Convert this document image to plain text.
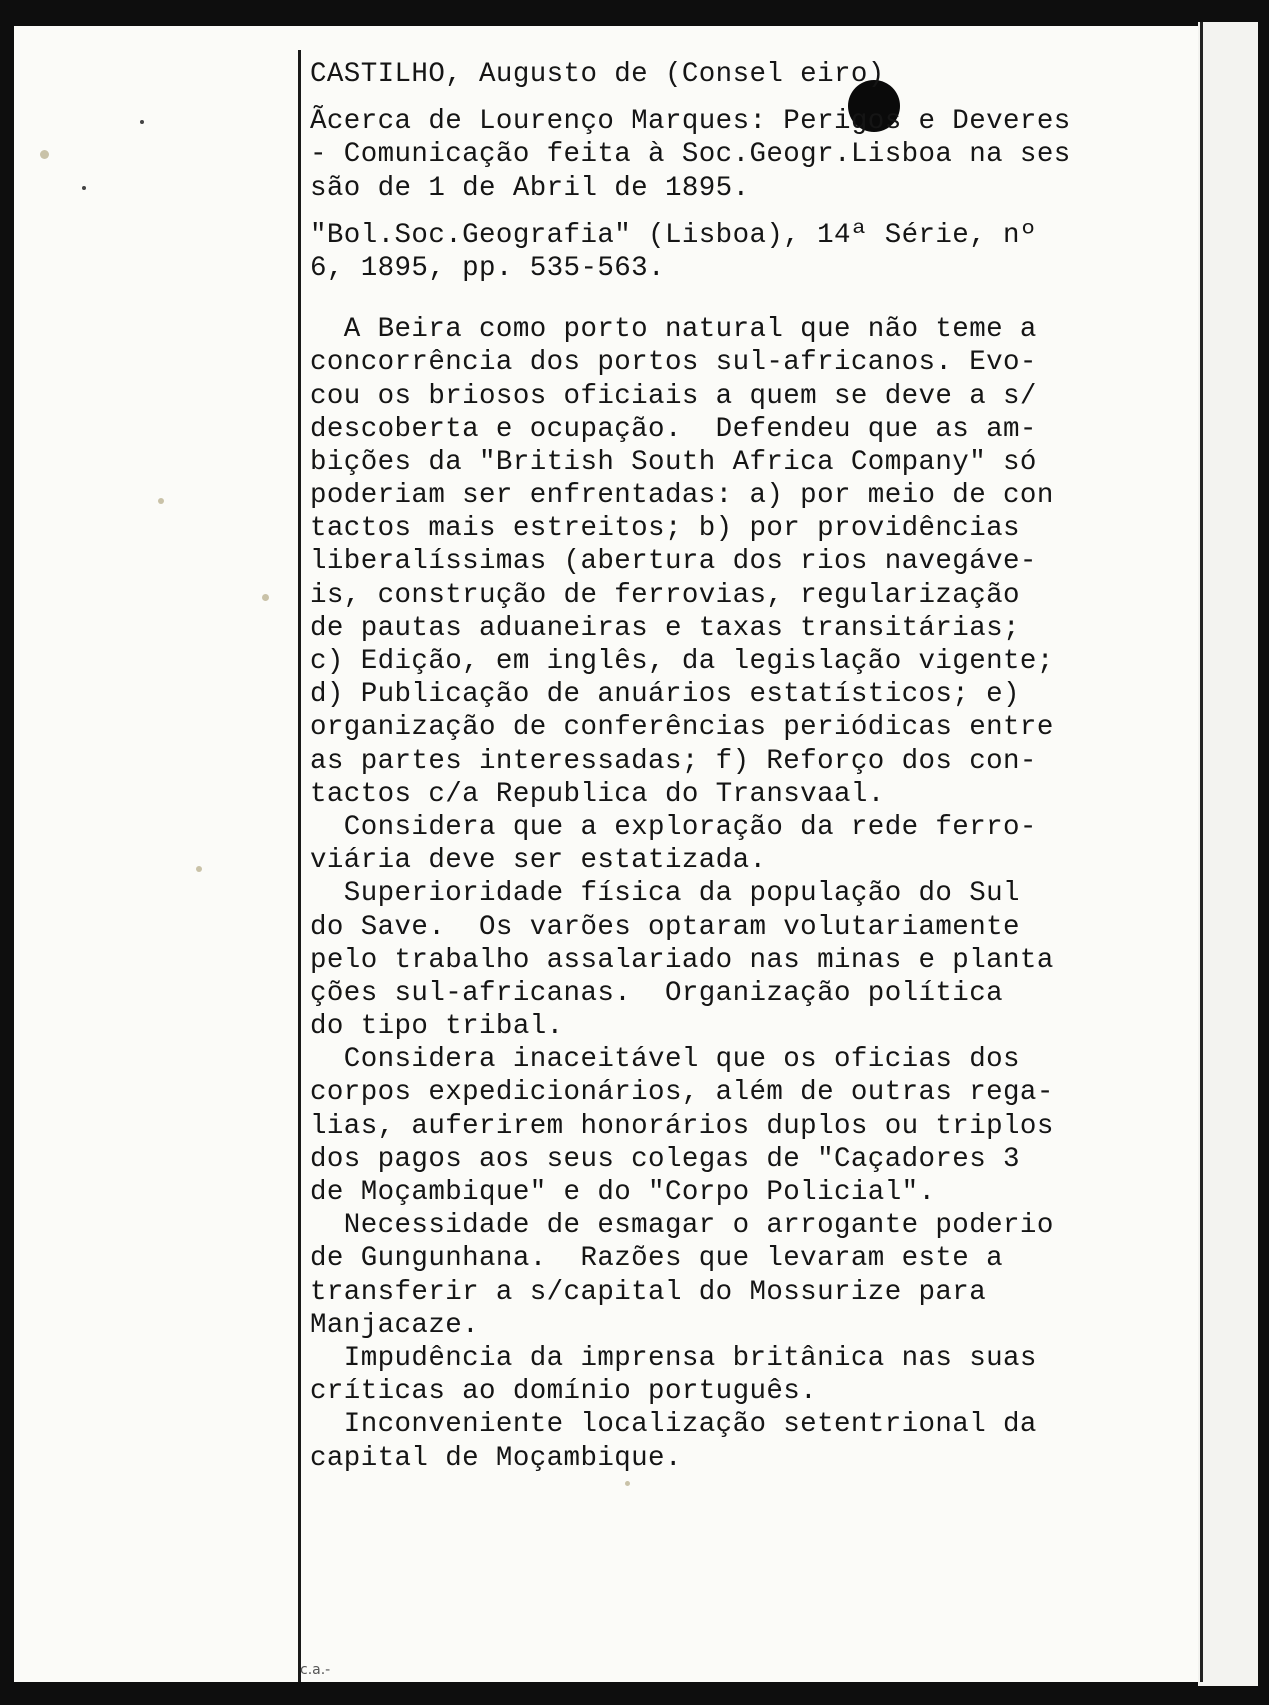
CASTILHO, Augusto de (Consel eiro)
Ãcerca de Lourenço Marques: Perigos e Deveres
- Comunicação feita à Soc.Geogr.Lisboa na ses
são de 1 de Abril de 1895.
"Bol.Soc.Geografia" (Lisboa), 14ª Série, nº
6, 1895, pp. 535-563.
A Beira como porto natural que não teme a
concorrência dos portos sul-africanos. Evo-
cou os briosos oficiais a quem se deve a s/
descoberta e ocupação.  Defendeu que as am-
bições da "British South Africa Company" só
poderiam ser enfrentadas: a) por meio de con
tactos mais estreitos; b) por providências
liberalíssimas (abertura dos rios navegáve-
is, construção de ferrovias, regularização
de pautas aduaneiras e taxas transitárias;
c) Edição, em inglês, da legislação vigente;
d) Publicação de anuários estatísticos; e)
organização de conferências periódicas entre
as partes interessadas; f) Reforço dos con-
tactos c/a Republica do Transvaal.
Considera que a exploração da rede ferro-
viária deve ser estatizada.
Superioridade física da população do Sul
do Save.  Os varões optaram volutariamente
pelo trabalho assalariado nas minas e planta
ções sul-africanas.  Organização política
do tipo tribal.
Considera inaceitável que os oficias dos
corpos expedicionários, além de outras rega-
lias, auferirem honorários duplos ou triplos
dos pagos aos seus colegas de "Caçadores 3
de Moçambique" e do "Corpo Policial".
Necessidade de esmagar o arrogante poderio
de Gungunhana.  Razões que levaram este a
transferir a s/capital do Mossurize para
Manjacaze.
Impudência da imprensa britânica nas suas
críticas ao domínio português.
Inconveniente localização setentrional da
capital de Moçambique.
c.a.-
